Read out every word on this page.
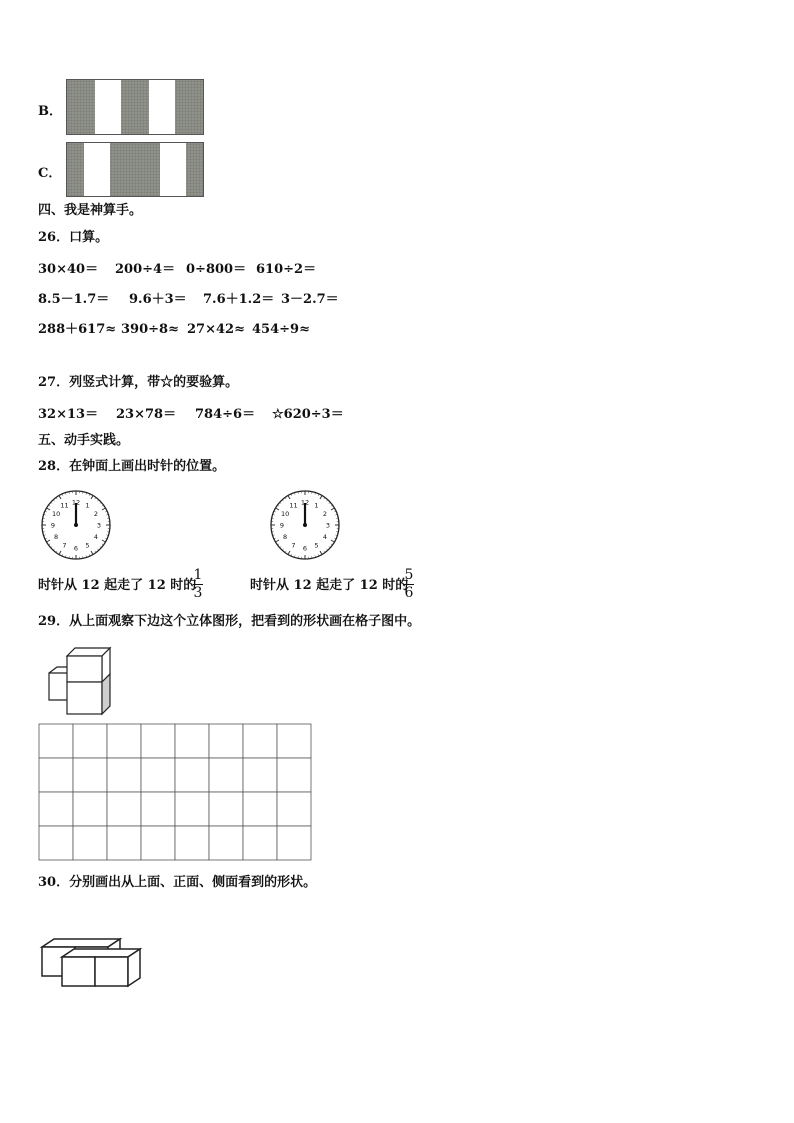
B．
C．
四、我是神算手。
26．口算。
30×40＝ 200÷4＝ 0÷800＝ 610÷2＝
8.5－1.7＝ 9.6＋3＝ 7.6＋1.2＝ 3－2.7＝
288＋617≈ 390÷8≈ 27×42≈ 454÷9≈
27．列竖式计算，带☆的要验算。
32×13＝ 23×78＝ 784÷6＝ ☆620÷3＝
五、动手实践。
28．在钟面上画出时针的位置。
12 1
2
3
4
5
6
7
8
9
10
11	12 1
2
3
4
5
6
7
8
9
10
11
时针从 12 起走了 12 时的
1
3	时针从 12 起走了 12 时的
5
6
29．从上面观察下边这个立体图形，把看到的形状画在格子图中。
30．分别画出从上面、正面、侧面看到的形状。
